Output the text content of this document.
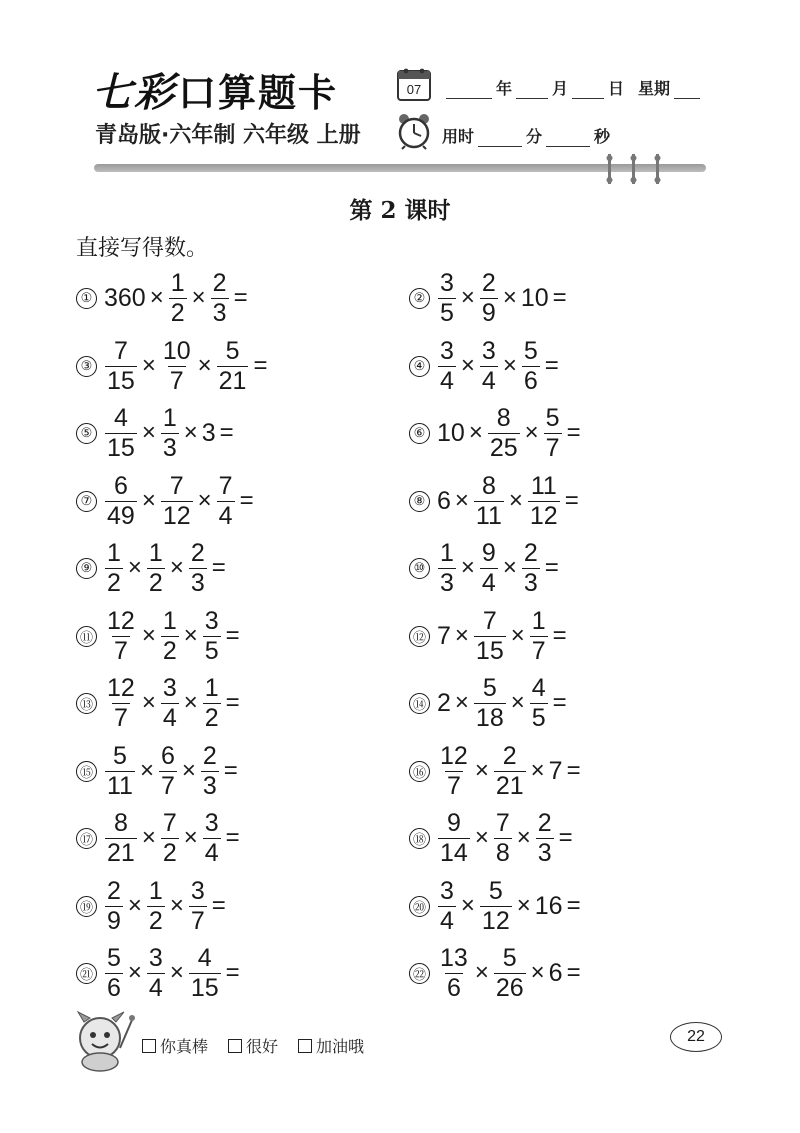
七彩 口算题卡
青岛版·六年制 六年级 上册
07	年	月	日 星期
用时	分	秒
第 2 课时
直接写得数。
① $360 \times \frac{1}{2} \times \frac{2}{3}$ =	② $\frac{3}{5} \times \frac{2}{9} \times 10$ =
③ $\frac{7}{15} \times \frac{10}{7} \times \frac{5}{21}$ =	④ $\frac{3}{4} \times \frac{3}{4} \times \frac{5}{6}$ =
⑤ $\frac{4}{15} \times \frac{1}{3} \times 3$ =	⑥ $10 \times \frac{8}{25} \times \frac{5}{7}$ =
⑦ $\frac{6}{49} \times \frac{7}{12} \times \frac{7}{4}$ =	⑧ $6 \times \frac{8}{11} \times \frac{11}{12}$ =
⑨ $\frac{1}{2} \times \frac{1}{2} \times \frac{2}{3}$ =	⑩ $\frac{1}{3} \times \frac{9}{4} \times \frac{2}{3}$ =
⑪ $\frac{12}{7} \times \frac{1}{2} \times \frac{3}{5}$ =	⑫ $7 \times \frac{7}{15} \times \frac{1}{7}$ =
⑬ $\frac{12}{7} \times \frac{3}{4} \times \frac{1}{2}$ =	⑭ $2 \times \frac{5}{18} \times \frac{4}{5}$ =
⑮ $\frac{5}{11} \times \frac{6}{7} \times \frac{2}{3}$ =	⑯ $\frac{12}{7} \times \frac{2}{21} \times 7$ =
⑰ $\frac{8}{21} \times \frac{7}{2} \times \frac{3}{4}$ =	⑱ $\frac{9}{14} \times \frac{7}{8} \times \frac{2}{3}$ =
⑲ $\frac{2}{9} \times \frac{1}{2} \times \frac{3}{7}$ =	⑳ $\frac{3}{4} \times \frac{5}{12} \times 16$ =
㉑ $\frac{5}{6} \times \frac{3}{4} \times \frac{4}{15}$ =	㉒ $\frac{13}{6} \times \frac{5}{26} \times 6$ =
你真棒 很好 加油哦
22
